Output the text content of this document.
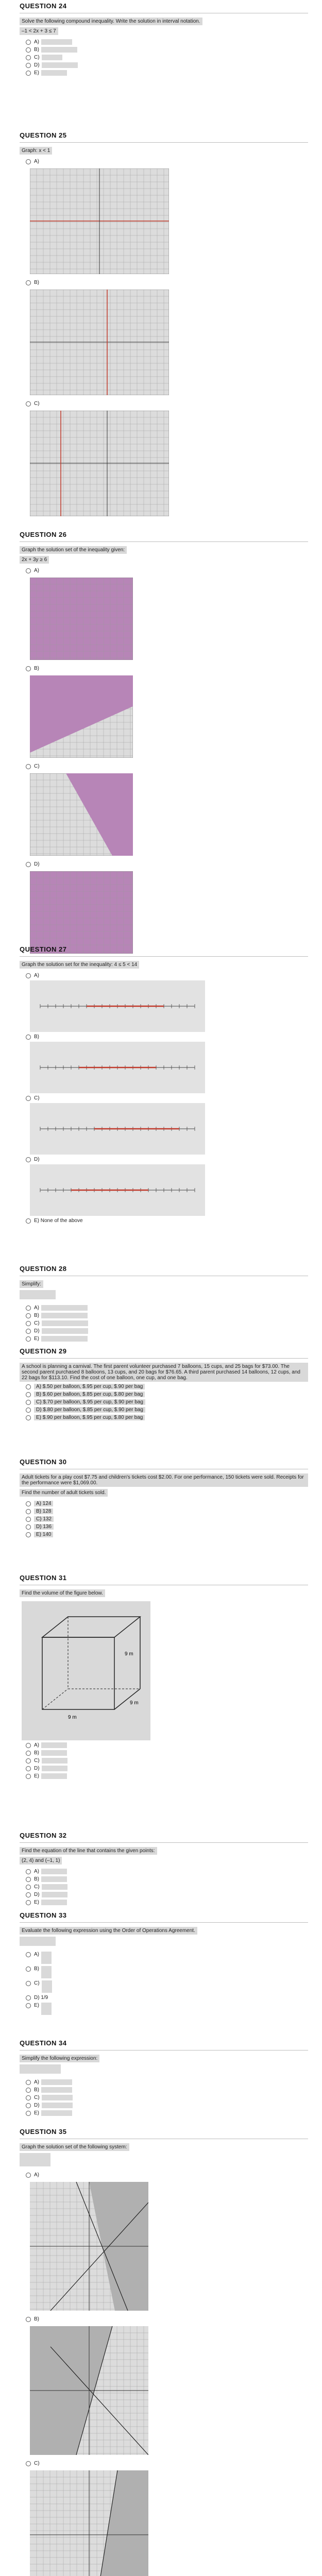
QUESTION 24
Solve the following compound inequality. Write the solution in interval notation.
–1 < 2x + 3 ≤ 7
A)

B)

C)

D)

E)

QUESTION 25
Graph: x < 1
A)
B)
C)
QUESTION 26
Graph the solution set of the inequality given:
2x + 3y ≥ 6
A)
B)
C)
D)
QUESTION 27
Graph the solution set for the inequality: 4 ≤ 5 < 14
A)
B)
C)
D)
E) None of the above
QUESTION 28
Simplify:

A)

B)

C)

D)

E)

QUESTION 29
A school is planning a carnival. The first parent volunteer purchased 7 balloons, 15 cups, and 25 bags for $73.00. The second parent purchased 8 balloons, 13 cups, and 20 bags for $76.65. A third parent purchased 14 balloons, 12 cups, and 22 bags for $113.10. Find the cost of one balloon, one cup, and one bag.
A) $.50 per balloon, $.95 per cup, $.90 per bag
B) $.60 per balloon, $.85 per cup, $.80 per bag
C) $.70 per balloon, $.95 per cup, $.90 per bag
D) $.80 per balloon, $.85 per cup, $.90 per bag
E) $.90 per balloon, $.95 per cup, $.80 per bag
QUESTION 30
Adult tickets for a play cost $7.75 and children's tickets cost $2.00. For one performance, 150 tickets were sold. Receipts for the performance were $1,069.00.
Find the number of adult tickets sold.
A) 124
B) 128
C) 132
D) 136
E) 140
QUESTION 31
Find the volume of the figure below.
9 m
9 m
9 m
A)

B)

C)

D)

E)

QUESTION 32
Find the equation of the line that contains the given points:
(2, 4) and (–1, 1)
A)

B)

C)

D)

E)

QUESTION 33
Evaluate the following expression using the Order of Operations Agreement.

A)

B)

C)

D) 1/9
E)

QUESTION 34
Simplify the following expression:

A)

B)

C)

D)

E)

QUESTION 35
Graph the solution set of the following system:

A)
B)
C)
